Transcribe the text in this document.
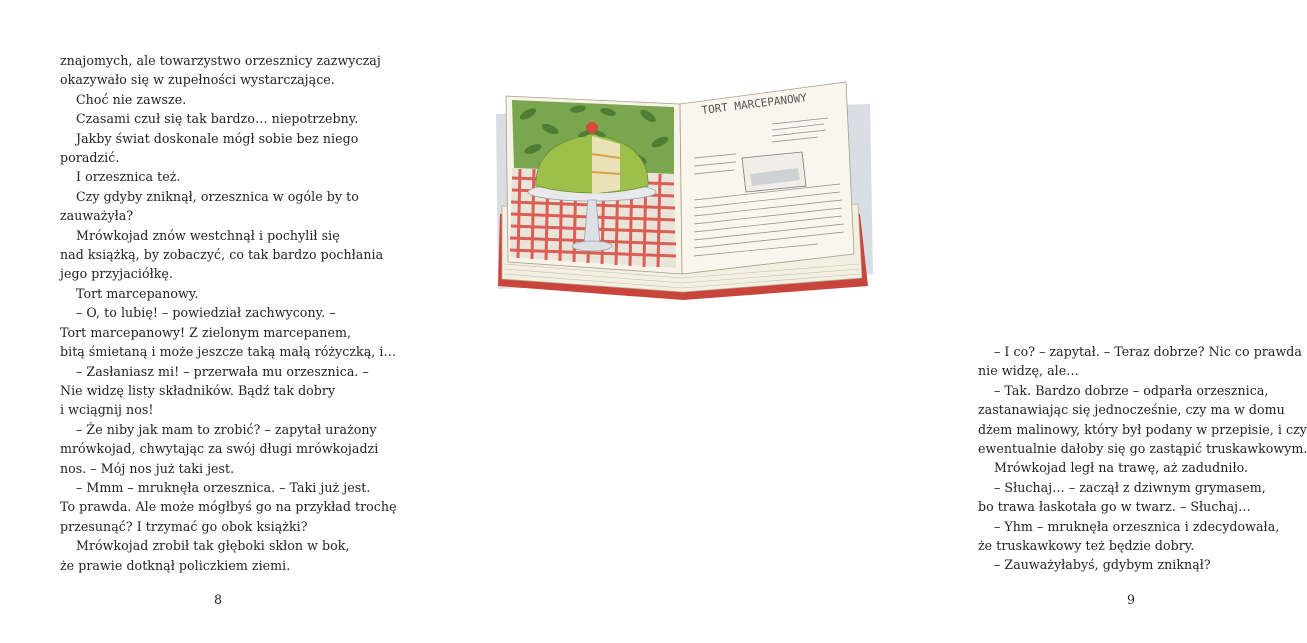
znajomych, ale towarzystwo orzesznicy zazwyczaj
okazywało się w zupełności wystarczające.
Choć nie zawsze.
Czasami czuł się tak bardzo… niepotrzebny.
Jakby świat doskonale mógł sobie bez niego
poradzić.
I orzesznica też.
Czy gdyby zniknął, orzesznica w ogóle by to
zauważyła?
Mrówkojad znów westchnął i pochylił się
nad książką, by zobaczyć, co tak bardzo pochłania
jego przyjaciółkę.
Tort marcepanowy.
– O, to lubię! – powiedział zachwycony. –
Tort marcepanowy! Z zielonym marcepanem,
bitą śmietaną i może jeszcze taką małą różyczką, i…
– Zasłaniasz mi! – przerwała mu orzesznica. –
Nie widzę listy składników. Bądź tak dobry
i wciągnij nos!
– Że niby jak mam to zrobić? – zapytał urażony
mrówkojad, chwytając za swój długi mrówkojadzi
nos. – Mój nos już taki jest.
– Mmm – mruknęła orzesznica. – Taki już jest.
To prawda. Ale może mógłbyś go na przykład trochę
przesunąć? I trzymać go obok książki?
Mrówkojad zrobił tak głęboki skłon w bok,
że prawie dotknął policzkiem ziemi.
8
– I co? – zapytał. – Teraz dobrze? Nic co prawda
nie widzę, ale…
– Tak. Bardzo dobrze – odparła orzesznica,
zastanawiając się jednocześnie, czy ma w domu
dżem malinowy, który był podany w przepisie, i czy
ewentualnie dałoby się go zastąpić truskawkowym.
Mrówkojad legł na trawę, aż zadudniło.
– Słuchaj… – zaczął z dziwnym grymasem,
bo trawa łaskotała go w twarz. – Słuchaj…
– Yhm – mruknęła orzesznica i zdecydowała,
że truskawkowy też będzie dobry.
– Zauważyłabyś, gdybym zniknął?
9
TORT MARCEPANOWY
